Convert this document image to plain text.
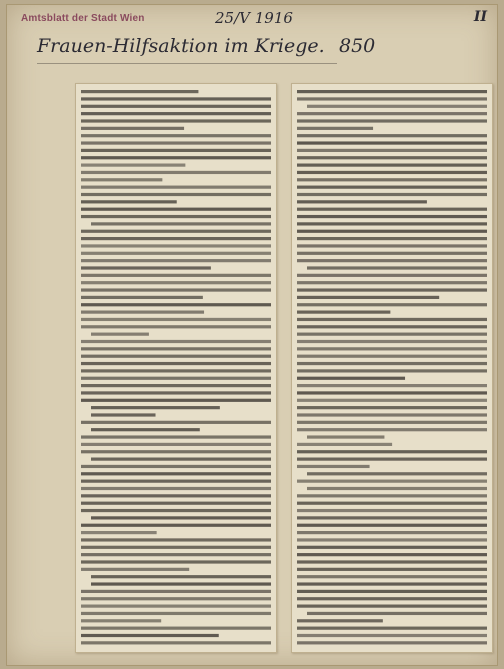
Amtsblatt der Stadt Wien	25/V 1916	II
Frauen-Hilfsaktion im Kriege. 850
